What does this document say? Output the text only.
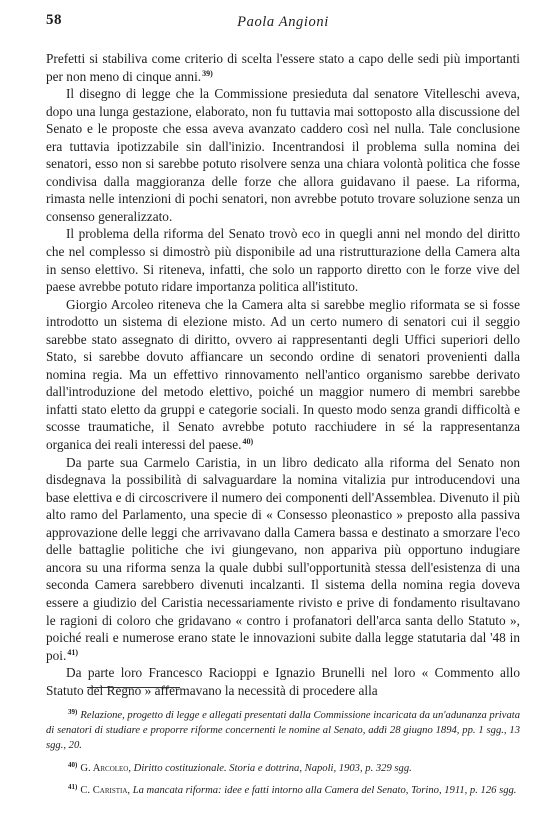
58	Paola Angioni

Prefetti si stabiliva come criterio di scelta l'essere stato a capo delle sedi più importanti per non meno di cinque anni.$^{39)}$

Il disegno di legge che la Commissione presieduta dal senatore Vitelleschi aveva, dopo una lunga gestazione, elaborato, non fu tuttavia mai sottoposto alla discussione del Senato e le proposte che essa aveva avanzato caddero così nel nulla. Tale conclusione era tuttavia ipotizzabile sin dall'inizio. Incentrandosi il problema sulla nomina dei senatori, esso non si sarebbe potuto risolvere senza una chiara volontà politica che fosse condivisa dalla maggioranza delle forze che allora guidavano il paese. La riforma, rimasta nelle intenzioni di pochi senatori, non avrebbe potuto trovare soluzione senza un consenso generalizzato.

Il problema della riforma del Senato trovò eco in quegli anni nel mondo del diritto che nel complesso si dimostrò più disponibile ad una ristrutturazione della Camera alta in senso elettivo. Si riteneva, infatti, che solo un rapporto diretto con le forze vive del paese avrebbe potuto ridare importanza politica all'istituto.

Giorgio Arcoleo riteneva che la Camera alta si sarebbe meglio riformata se si fosse introdotto un sistema di elezione misto. Ad un certo numero di senatori cui il seggio sarebbe stato assegnato di diritto, ovvero ai rappresentanti degli Uffici superiori dello Stato, si sarebbe dovuto affiancare un secondo ordine di senatori provenienti dalla nomina regia. Ma un effettivo rinnovamento nell'antico organismo sarebbe derivato dall'introduzione del metodo elettivo, poiché un maggior numero di membri sarebbe infatti stato eletto da gruppi e categorie sociali. In questo modo senza grandi difficoltà e scosse traumatiche, il Senato avrebbe potuto racchiudere in sé la rappresentanza organica dei reali interessi del paese.$^{40)}$

Da parte sua Carmelo Caristia, in un libro dedicato alla riforma del Senato non disdegnava la possibilità di salvaguardare la nomina vitalizia pur introducendovi una base elettiva e di circoscrivere il numero dei componenti dell'Assemblea. Divenuto il più alto ramo del Parlamento, una specie di « Consesso pleonastico » preposto alla passiva approvazione delle leggi che arrivavano dalla Camera bassa e destinato a smorzare l'eco delle battaglie politiche che ivi giungevano, non appariva più opportuno indugiare ancora su una riforma senza la quale dubbi sull'opportunità stessa dell'esistenza di una seconda Camera sarebbero divenuti incalzanti. Il sistema della nomina regia doveva essere a giudizio del Caristia necessariamente rivisto e prive di fondamento risultavano le ragioni di coloro che gridavano « contro i profanatori dell'arca santa dello Statuto », poiché reali e numerose erano state le innovazioni subite dalla legge statutaria dal '48 in poi.$^{41)}$

Da parte loro Francesco Racioppi e Ignazio Brunelli nel loro « Commento allo Statuto del Regno » affermavano la necessità di procedere alla

$^{39)}$ Relazione, progetto di legge e allegati presentati dalla Commissione incaricata da un'adunanza privata di senatori di studiare e proporre riforme concernenti le nomine al Senato, addì 28 giugno 1894, pp. 1 sgg., 13 sgg., 20.

$^{40)}$ G. Arcoleo, Diritto costituzionale. Storia e dottrina, Napoli, 1903, p. 329 sgg.

$^{41)}$ C. Caristia, La mancata riforma: idee e fatti intorno alla Camera del Senato, Torino, 1911, p. 126 sgg.
